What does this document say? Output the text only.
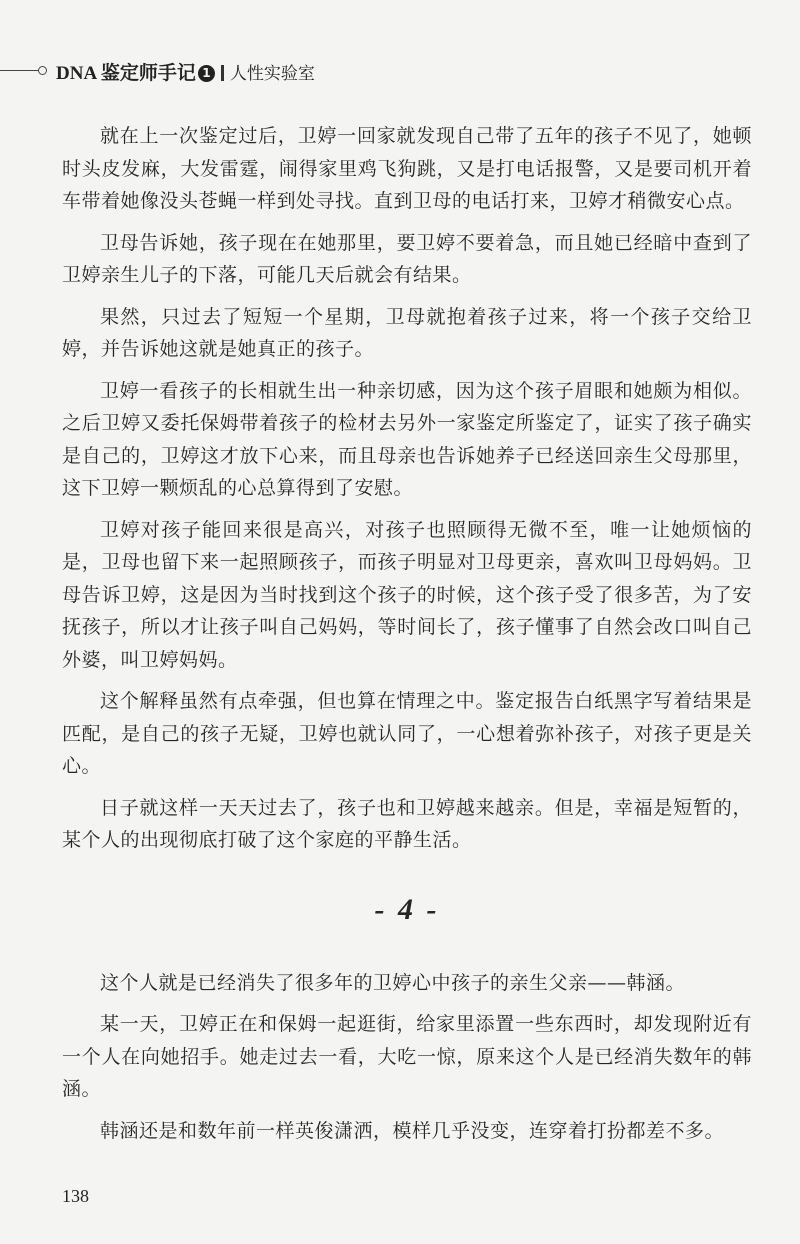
DNA 鉴定师手记 1 人性实验室

就在上一次鉴定过后，卫婷一回家就发现自己带了五年的孩子不见了，她顿时头皮发麻，大发雷霆，闹得家里鸡飞狗跳，又是打电话报警，又是要司机开着车带着她像没头苍蝇一样到处寻找。直到卫母的电话打来，卫婷才稍微安心点。

卫母告诉她，孩子现在在她那里，要卫婷不要着急，而且她已经暗中查到了卫婷亲生儿子的下落，可能几天后就会有结果。

果然，只过去了短短一个星期，卫母就抱着孩子过来，将一个孩子交给卫婷，并告诉她这就是她真正的孩子。

卫婷一看孩子的长相就生出一种亲切感，因为这个孩子眉眼和她颇为相似。之后卫婷又委托保姆带着孩子的检材去另外一家鉴定所鉴定了，证实了孩子确实是自己的，卫婷这才放下心来，而且母亲也告诉她养子已经送回亲生父母那里，这下卫婷一颗烦乱的心总算得到了安慰。

卫婷对孩子能回来很是高兴，对孩子也照顾得无微不至，唯一让她烦恼的是，卫母也留下来一起照顾孩子，而孩子明显对卫母更亲，喜欢叫卫母妈妈。卫母告诉卫婷，这是因为当时找到这个孩子的时候，这个孩子受了很多苦，为了安抚孩子，所以才让孩子叫自己妈妈，等时间长了，孩子懂事了自然会改口叫自己外婆，叫卫婷妈妈。

这个解释虽然有点牵强，但也算在情理之中。鉴定报告白纸黑字写着结果是匹配，是自己的孩子无疑，卫婷也就认同了，一心想着弥补孩子，对孩子更是关心。

日子就这样一天天过去了，孩子也和卫婷越来越亲。但是，幸福是短暂的，某个人的出现彻底打破了这个家庭的平静生活。

- 4 -

这个人就是已经消失了很多年的卫婷心中孩子的亲生父亲——韩涵。

某一天，卫婷正在和保姆一起逛街，给家里添置一些东西时，却发现附近有一个人在向她招手。她走过去一看，大吃一惊，原来这个人是已经消失数年的韩涵。

韩涵还是和数年前一样英俊潇洒，模样几乎没变，连穿着打扮都差不多。

138
